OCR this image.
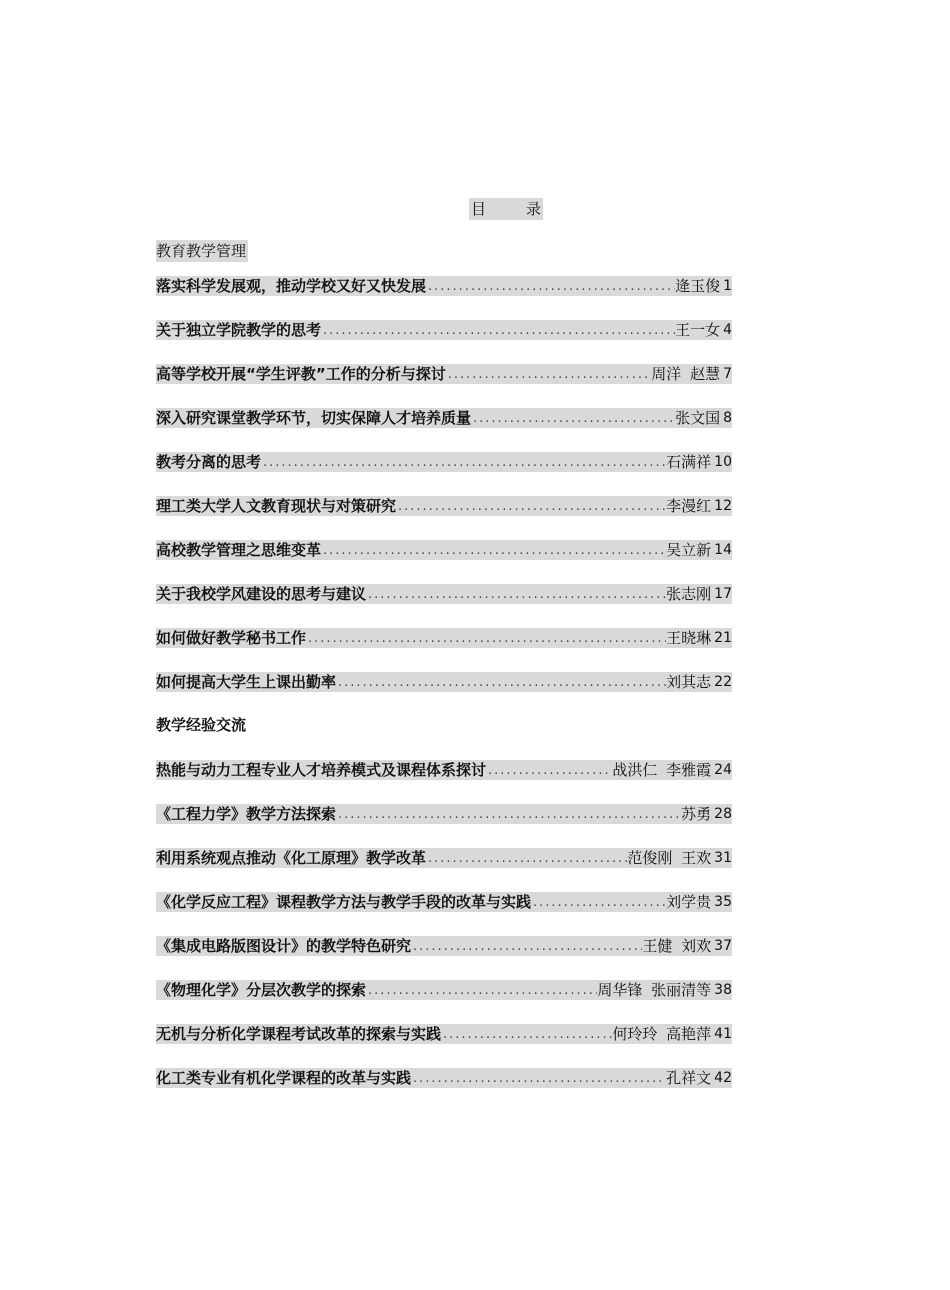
目	录
教育教学管理
落实科学发展观，推动学校又好又快发展 .....	逄玉俊 1
关于独立学院教学的思考 .....	王一女 4
高等学校开展“学生评教”工作的分析与探讨 .....	周洋 赵慧 7
深入研究课堂教学环节，切实保障人才培养质量 .....	张文国 8
教考分离的思考 .....	石满祥 10
理工类大学人文教育现状与对策研究 .....	李漫红 12
高校教学管理之思维变革 .....	吴立新 14
关于我校学风建设的思考与建议 .....	张志刚 17
如何做好教学秘书工作 .....	王晓琳 21
如何提高大学生上课出勤率 .....	刘其志 22
教学经验交流
热能与动力工程专业人才培养模式及课程体系探讨 .....	战洪仁 李雅霞 24
《工程力学》教学方法探索 .....	苏勇 28
利用系统观点推动《化工原理》教学改革 .....	范俊刚 王欢 31
《化学反应工程》课程教学方法与教学手段的改革与实践 .....	刘学贵 35
《集成电路版图设计》的教学特色研究 .....	王健 刘欢 37
《物理化学》分层次教学的探索 .....	周华锋 张丽清等 38
无机与分析化学课程考试改革的探索与实践 .....	何玲玲 高艳萍 41
化工类专业有机化学课程的改革与实践 .....	孔祥文 42
